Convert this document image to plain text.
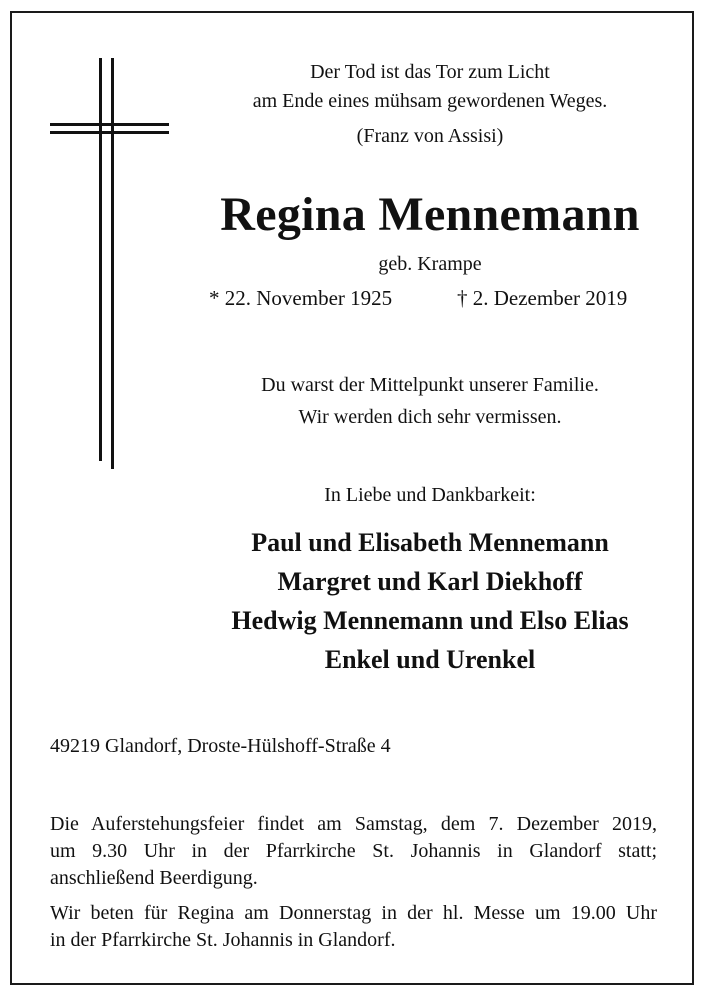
Der Tod ist das Tor zum Licht
am Ende eines mühsam gewordenen Weges.
(Franz von Assisi)
Regina Mennemann
geb. Krampe
* 22. November 1925	† 2. Dezember 2019
Du warst der Mittelpunkt unserer Familie.
Wir werden dich sehr vermissen.
In Liebe und Dankbarkeit:
Paul und Elisabeth Mennemann
Margret und Karl Diekhoff
Hedwig Mennemann und Elso Elias
Enkel und Urenkel
49219 Glandorf, Droste-Hülshoff-Straße 4
Die Auferstehungsfeier findet am Samstag, dem 7. Dezember 2019,
um 9.30 Uhr in der Pfarrkirche St. Johannis in Glandorf statt;
anschließend Beerdigung.
Wir beten für Regina am Donnerstag in der hl. Messe um 19.00 Uhr
in der Pfarrkirche St. Johannis in Glandorf.
